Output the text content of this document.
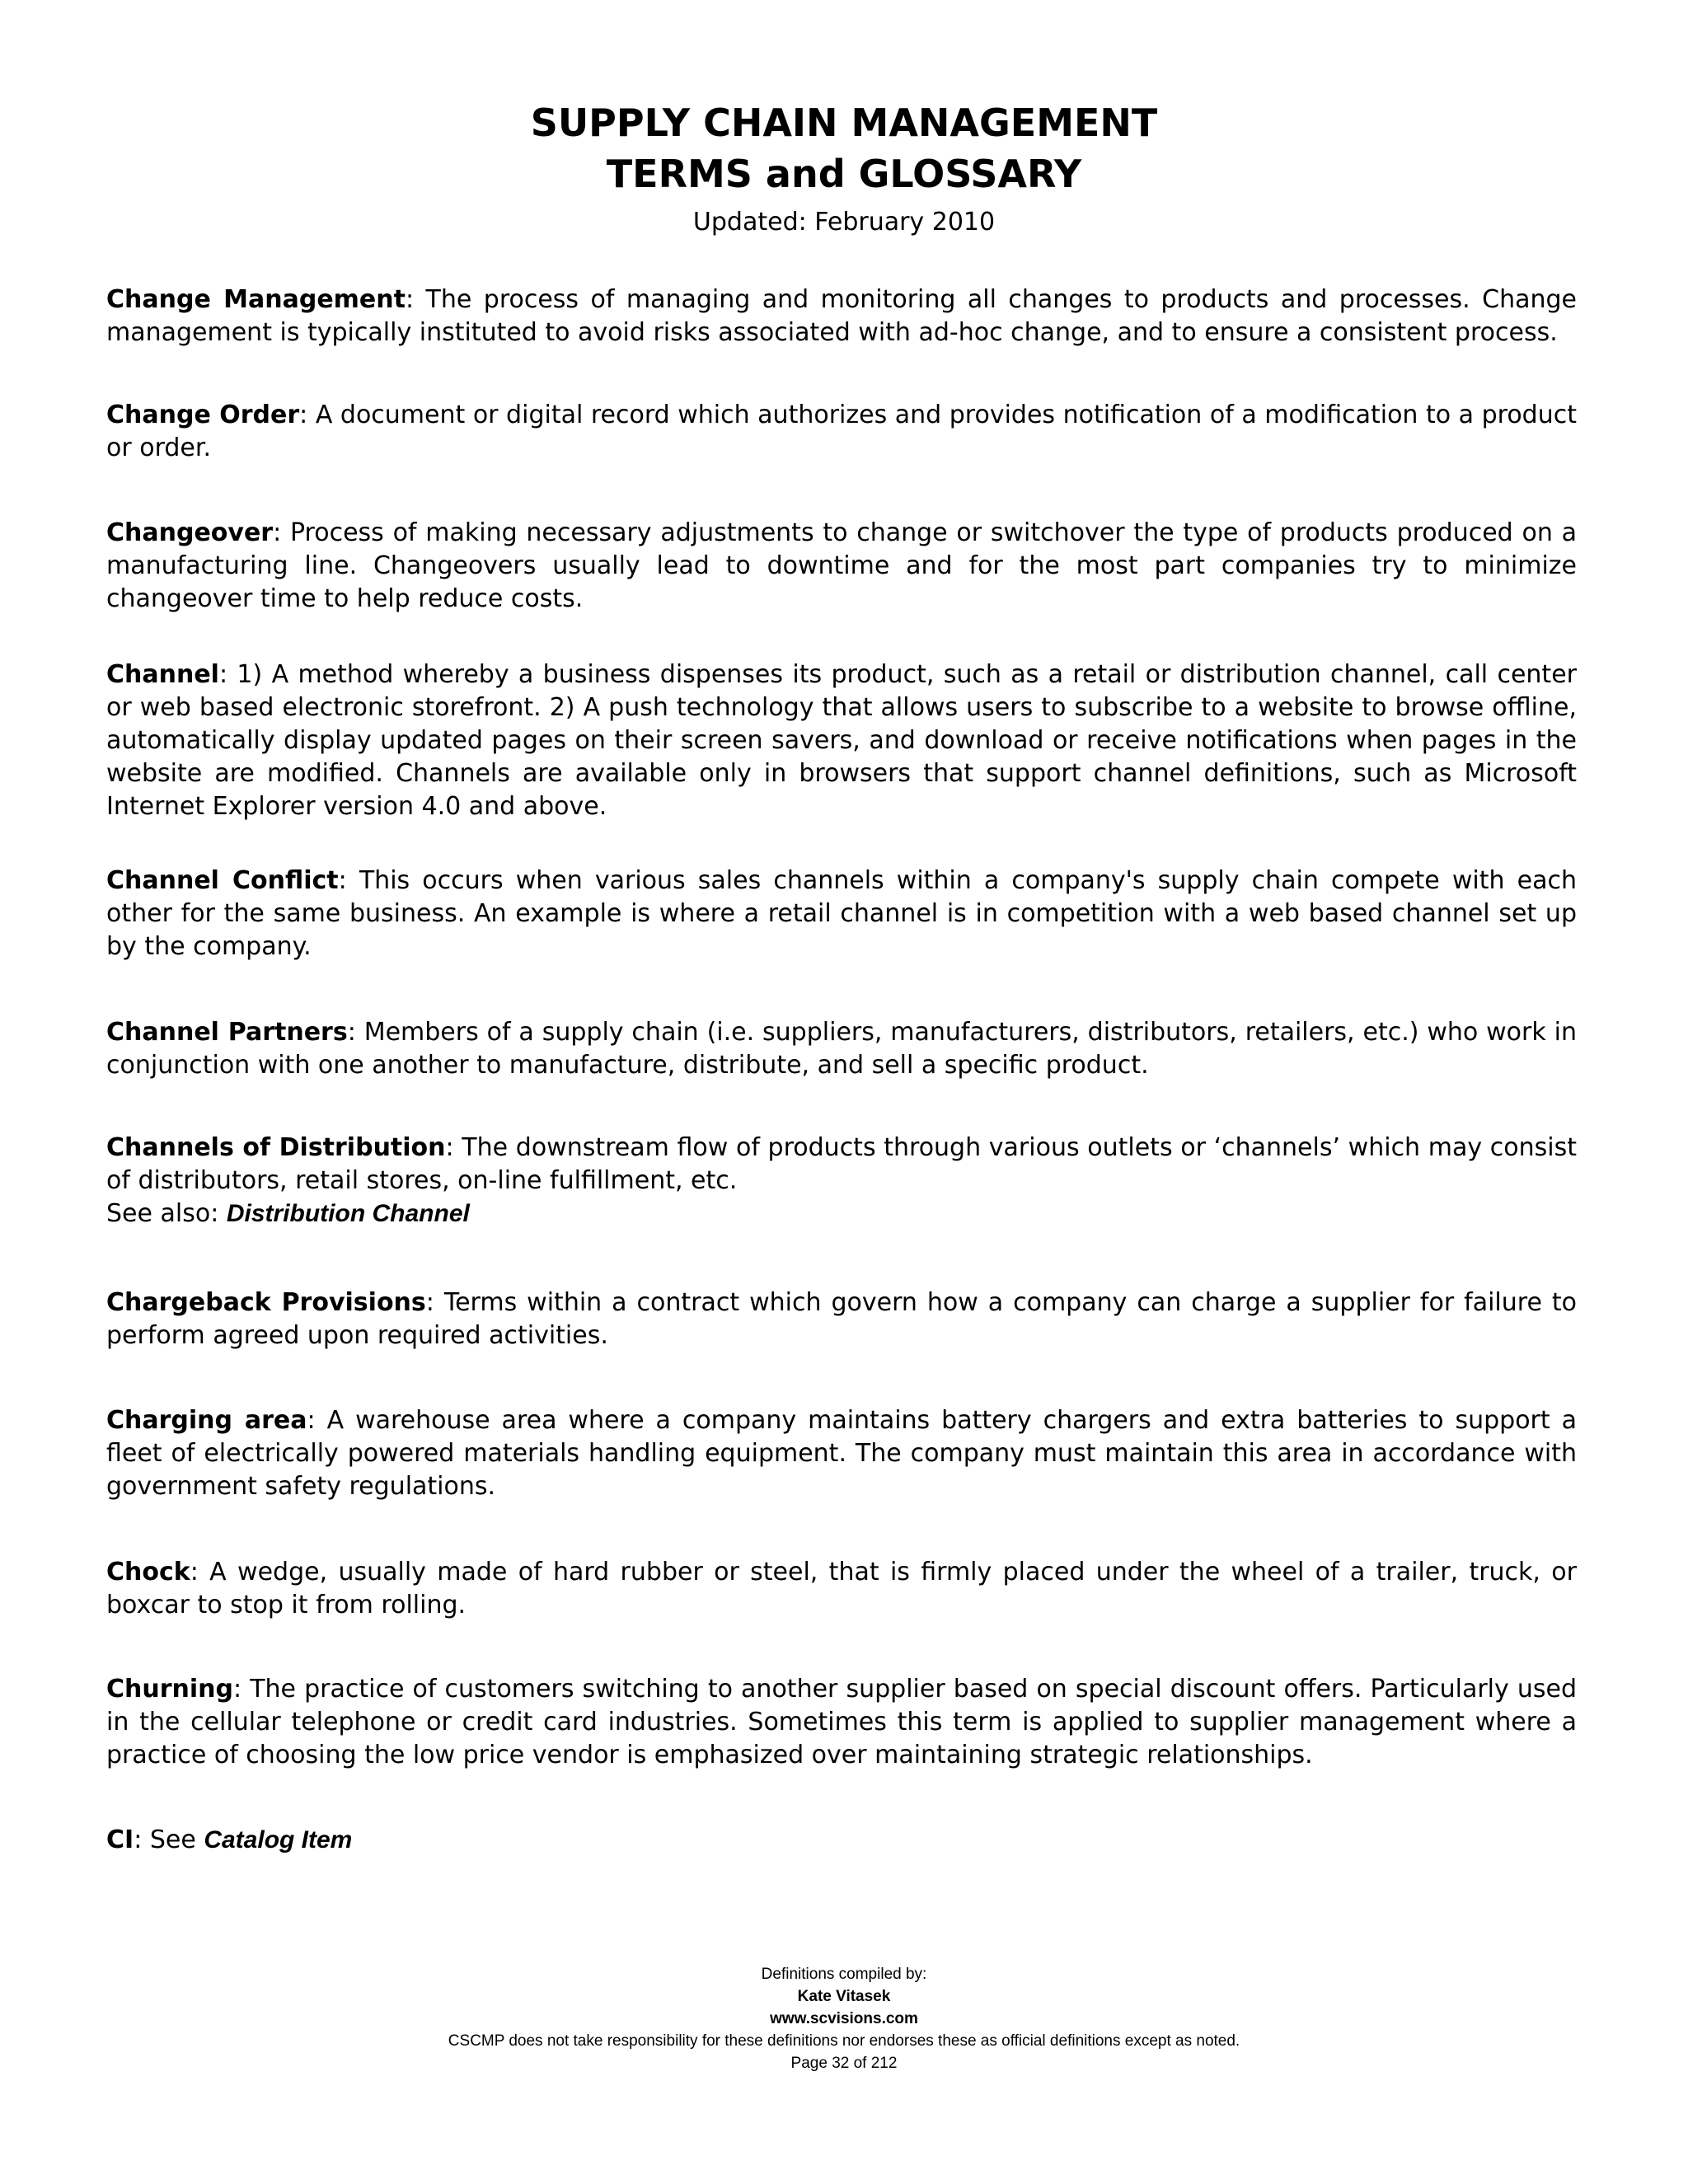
SUPPLY CHAIN MANAGEMENT
TERMS and GLOSSARY
Updated: February 2010

Change Management: The process of managing and monitoring all changes to products and processes. Change management is typically instituted to avoid risks associated with ad-hoc change, and to ensure a consistent process.

Change Order: A document or digital record which authorizes and provides notification of a modification to a product or order.

Changeover: Process of making necessary adjustments to change or switchover the type of products produced on a manufacturing line. Changeovers usually lead to downtime and for the most part companies try to minimize changeover time to help reduce costs.

Channel: 1) A method whereby a business dispenses its product, such as a retail or distribution channel, call center or web based electronic storefront. 2) A push technology that allows users to subscribe to a website to browse offline, automatically display updated pages on their screen savers, and download or receive notifications when pages in the website are modified. Channels are available only in browsers that support channel definitions, such as Microsoft Internet Explorer version 4.0 and above.

Channel Conflict: This occurs when various sales channels within a company's supply chain compete with each other for the same business. An example is where a retail channel is in competition with a web based channel set up by the company.

Channel Partners: Members of a supply chain (i.e. suppliers, manufacturers, distributors, retailers, etc.) who work in conjunction with one another to manufacture, distribute, and sell a specific product.

Channels of Distribution: The downstream flow of products through various outlets or ‘channels’ which may consist of distributors, retail stores, on-line fulfillment, etc.

See also: Distribution Channel

Chargeback Provisions: Terms within a contract which govern how a company can charge a supplier for failure to perform agreed upon required activities.

Charging area: A warehouse area where a company maintains battery chargers and extra batteries to support a fleet of electrically powered materials handling equipment. The company must maintain this area in accordance with government safety regulations.

Chock: A wedge, usually made of hard rubber or steel, that is firmly placed under the wheel of a trailer, truck, or boxcar to stop it from rolling.

Churning: The practice of customers switching to another supplier based on special discount offers. Particularly used in the cellular telephone or credit card industries. Sometimes this term is applied to supplier management where a practice of choosing the low price vendor is emphasized over maintaining strategic relationships.

CI: See Catalog Item

Definitions compiled by:
Kate Vitasek
www.scvisions.com
CSCMP does not take responsibility for these definitions nor endorses these as official definitions except as noted.
Page 32 of 212
